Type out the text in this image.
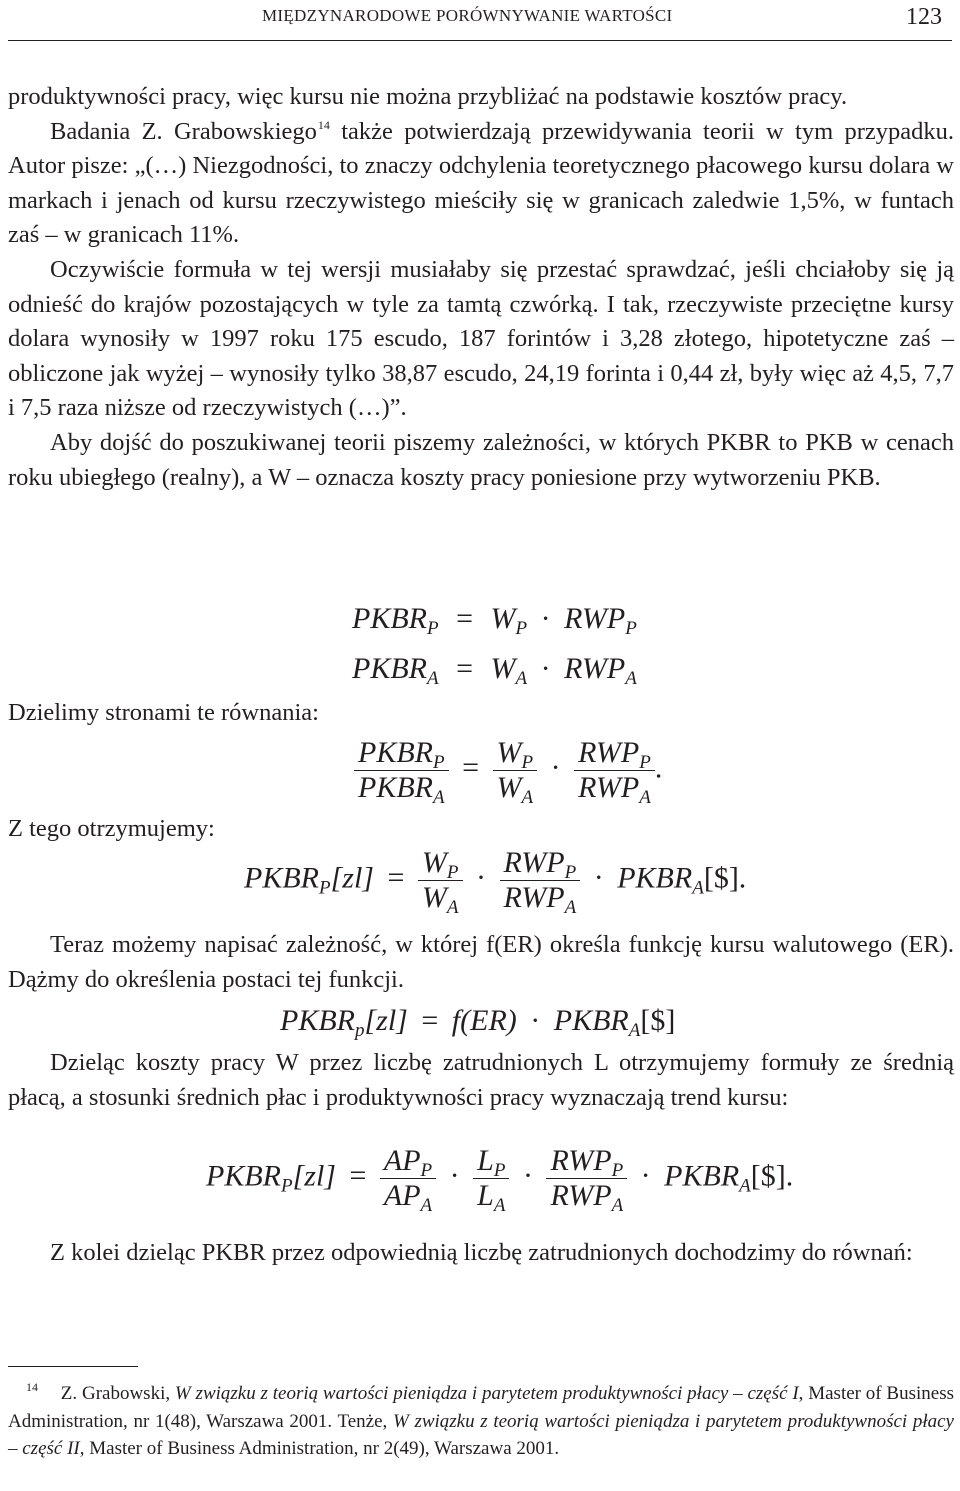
MIĘDZYNARODOWE PORÓWNYWANIE WARTOŚCI	123

produktywności pracy, więc kursu nie można przybliżać na podstawie kosztów pracy.

Badania Z. Grabowskiego$^{14}$ także potwierdzają przewidywania teorii w tym przypadku. Autor pisze: „(…) Niezgodności, to znaczy odchylenia teoretycznego płacowego kursu dolara w markach i jenach od kursu rzeczywistego mieściły się w granicach zaledwie 1,5%, w funtach zaś – w granicach 11%.

Oczywiście formuła w tej wersji musiałaby się przestać sprawdzać, jeśli chciałoby się ją odnieść do krajów pozostających w tyle za tamtą czwórką. I tak, rzeczywiste przeciętne kursy dolara wynosiły w 1997 roku 175 escudo, 187 forintów i 3,28 złotego, hipotetyczne zaś – obliczone jak wyżej – wynosiły tylko 38,87 escudo, 24,19 forinta i 0,44 zł, były więc aż 4,5, 7,7 i 7,5 raza niższe od rzeczywistych (…)”.

Aby dojść do poszukiwanej teorii piszemy zależności, w których PKBR to PKB w cenach roku ubiegłego (realny), a W – oznacza koszty pracy poniesione przy wytworzeniu PKB.

$PKBR_P = W_P \cdot RWP_P$
$PKBR_A = W_A \cdot RWP_A$

Dzielimy stronami te równania:

$\frac{PKBR_P}{PKBR_A} = \frac{W_P}{W_A} \cdot \frac{RWP_P}{RWP_A}$ .

Z tego otrzymujemy:

$PKBR_P[zl] = \frac{W_P}{W_A} \cdot \frac{RWP_P}{RWP_A}$ · $PKBR_A[\$]$.

Teraz możemy napisać zależność, w której f(ER) określa funkcję kursu walutowego (ER). Dążmy do określenia postaci tej funkcji.

$PKBR_p[zl] = f(ER)$ · $PKBR_A[\$]$

Dzieląc koszty pracy W przez liczbę zatrudnionych L otrzymujemy formuły ze średnią płacą, a stosunki średnich płac i produktywności pracy wyznaczają trend kursu:

$PKBR_P[zl] = \frac{AP_P}{AP_A} \cdot \frac{L_P}{L_A} \cdot \frac{RWP_P}{RWP_A}$ · $PKBR_A[\$]$.

Z kolei dzieląc PKBR przez odpowiednią liczbę zatrudnionych dochodzimy do równań:

14 Z. Grabowski, W związku z teorią wartości pieniądza i parytetem produktywności płacy – część I, Master of Business Administration, nr 1(48), Warszawa 2001. Tenże, W związku z teorią wartości pieniądza i parytetem produktywności płacy – część II, Master of Business Administration, nr 2(49), Warszawa 2001.
